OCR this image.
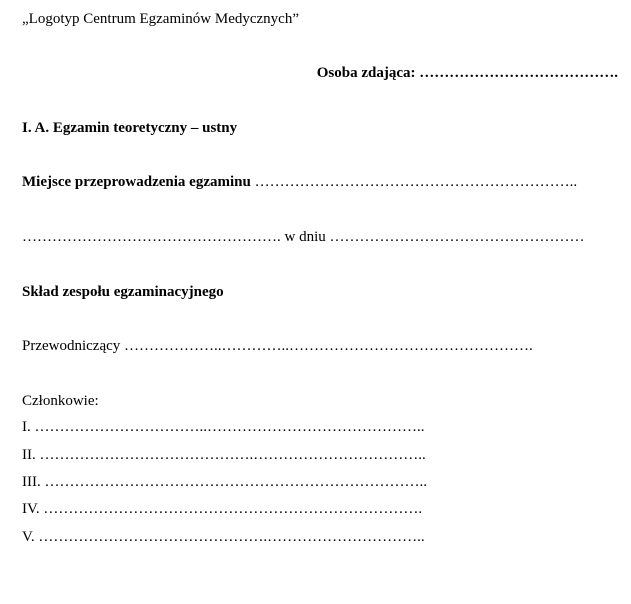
„Logotyp Centrum Egzaminów Medycznych”
Osoba zdająca: ………………………………….
I. A. Egzamin teoretyczny – ustny
Miejsce przeprowadzenia egzaminu ………………………………………………………..
……………………………………………. w dniu ……………………………………………
Skład zespołu egzaminacyjnego
Przewodniczący ………………..…………..………………………………………….
Członkowie:
I. ……………………………..……………………………………..
II. …………………………………….……………………………..
III. …………………………………………………………………..
IV. ………………………………………………………………….
V. ……………………………………….…………………………..
